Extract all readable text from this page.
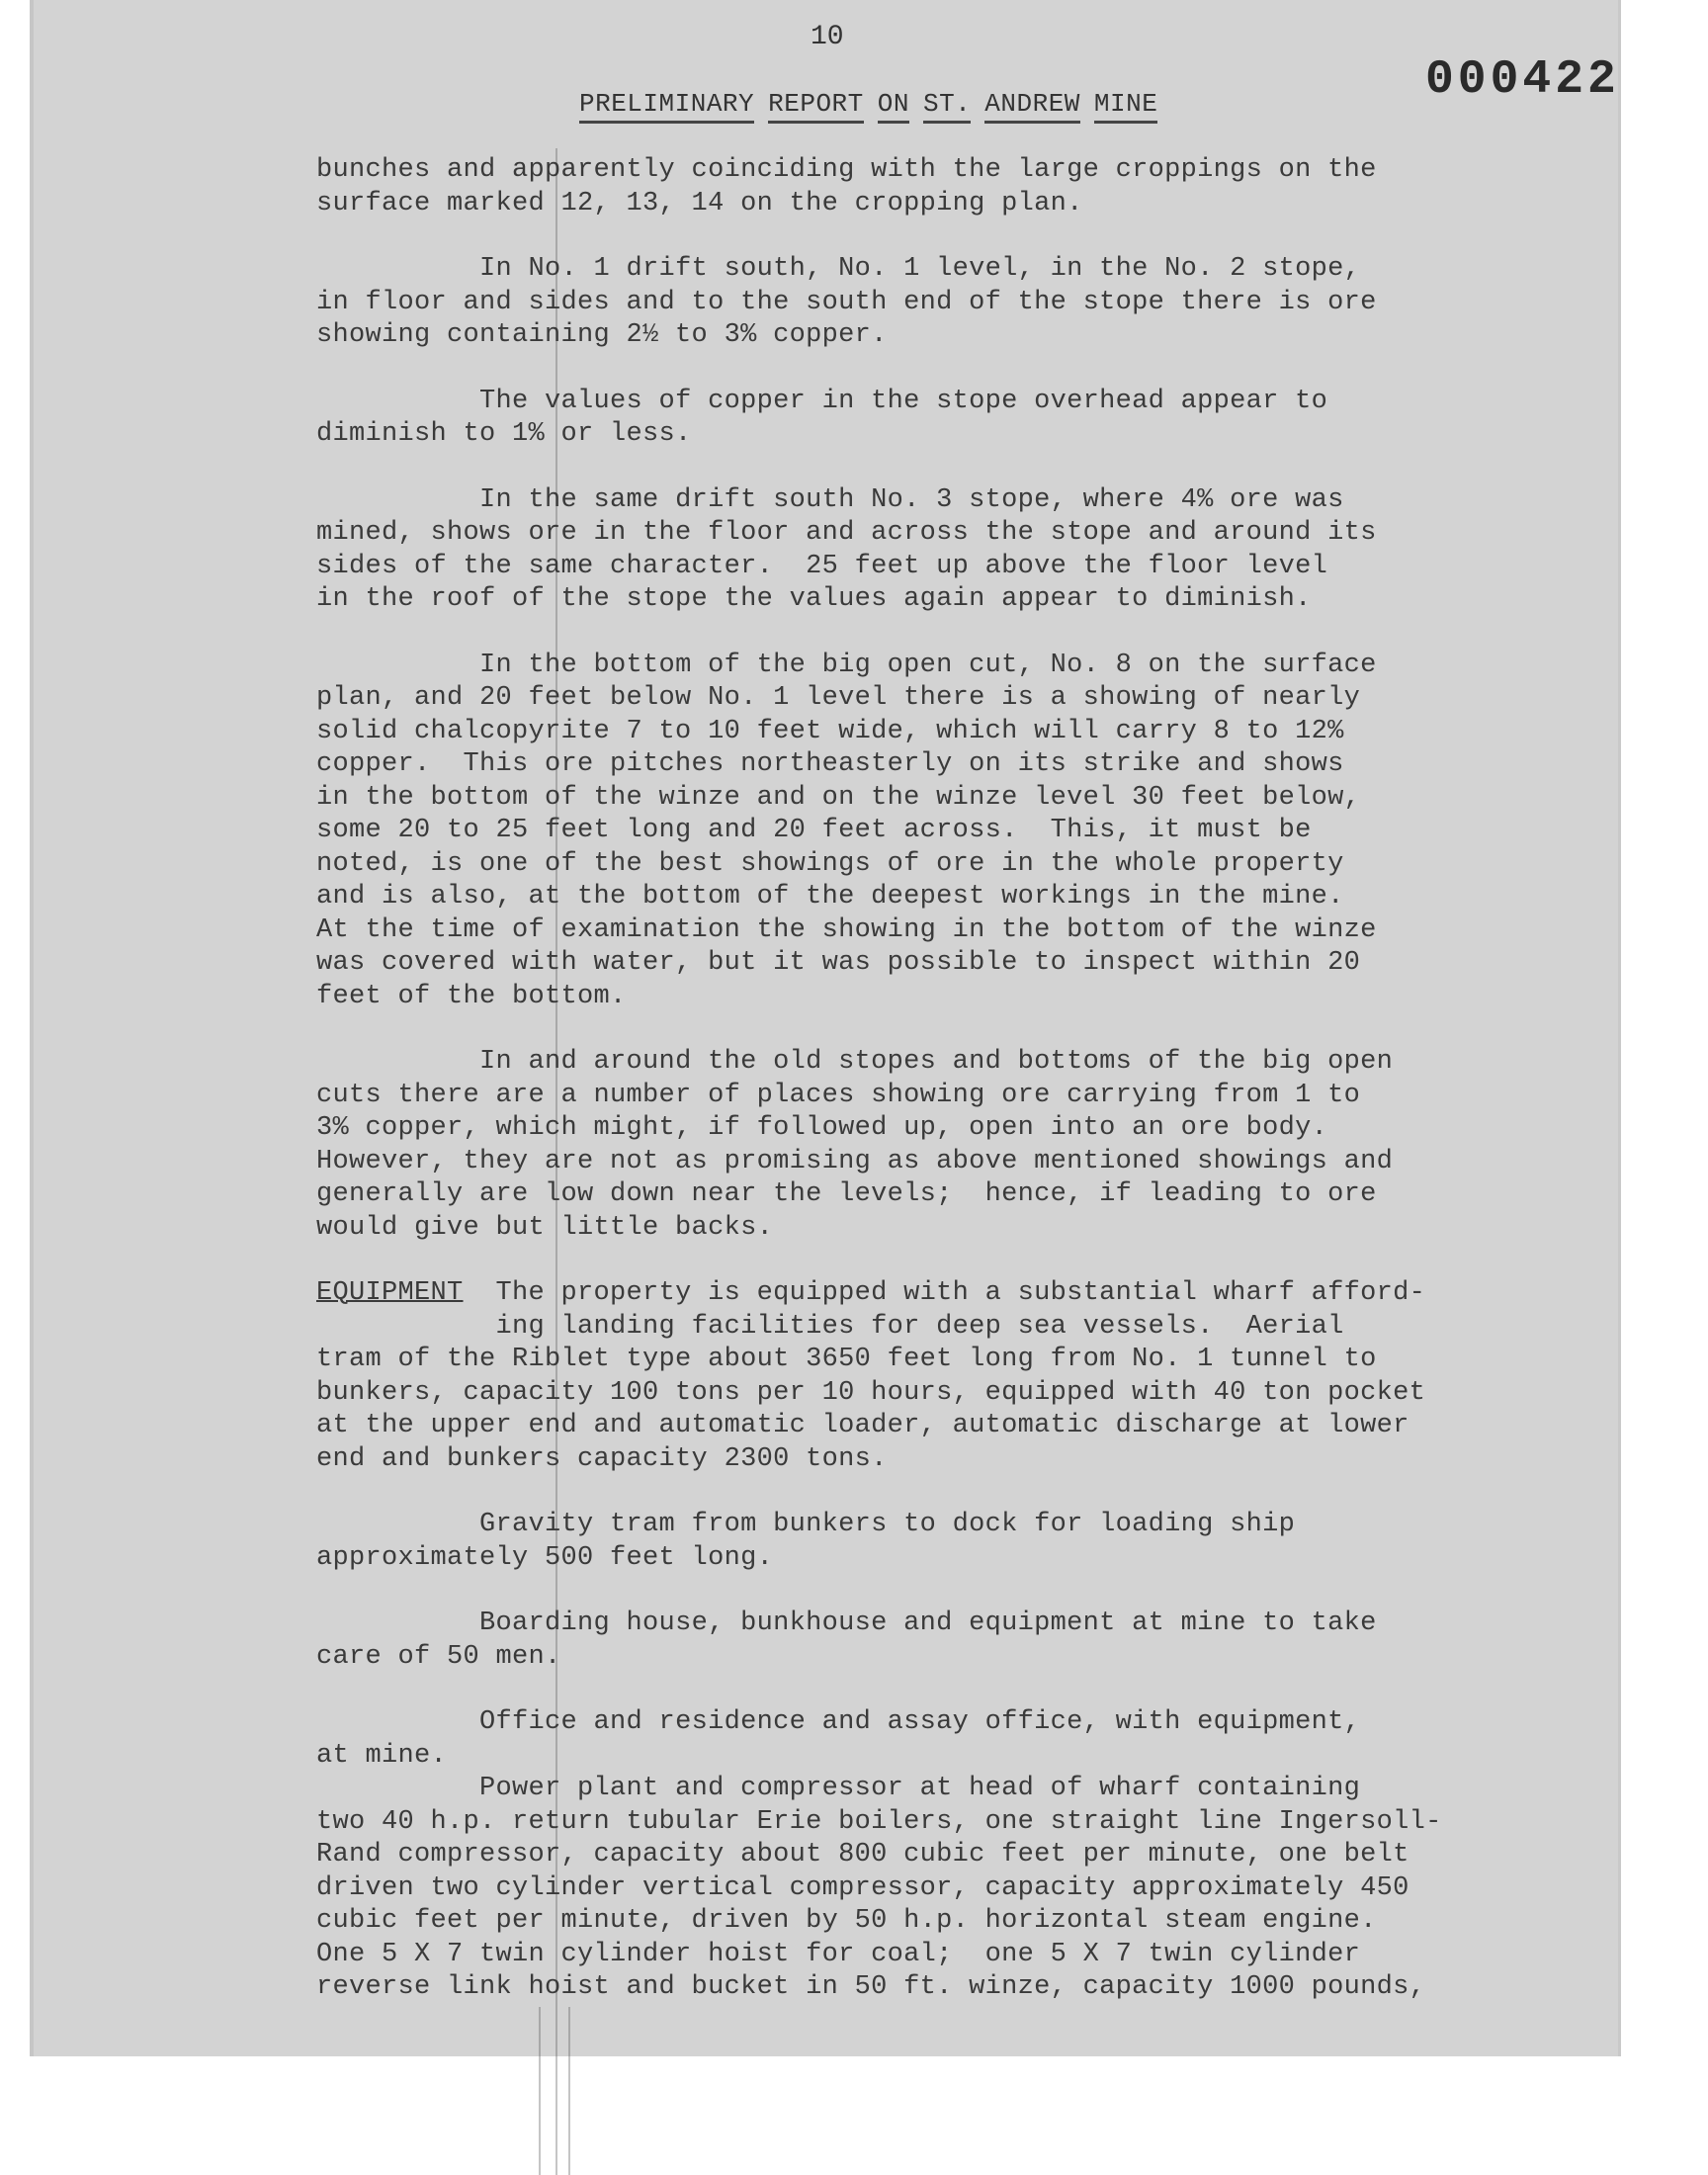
10
000422
PRELIMINARY REPORT ON ST. ANDREW MINE

bunches and apparently coinciding with the large croppings on the
surface marked 12, 13, 14 on the cropping plan.

In No. 1 drift south, No. 1 level, in the No. 2 stope,
in floor and sides and to the south end of the stope there is ore
showing containing 2½ to 3% copper.

The values of copper in the stope overhead appear to
diminish to 1% or less.

In the same drift south No. 3 stope, where 4% ore was
mined, shows ore in the floor and across the stope and around its
sides of the same character.  25 feet up above the floor level
in the roof of the stope the values again appear to diminish.

In the bottom of the big open cut, No. 8 on the surface
plan, and 20 feet below No. 1 level there is a showing of nearly
solid chalcopyrite 7 to 10 feet wide, which will carry 8 to 12%
copper.  This ore pitches northeasterly on its strike and shows
in the bottom of the winze and on the winze level 30 feet below,
some 20 to 25 feet long and 20 feet across.  This, it must be
noted, is one of the best showings of ore in the whole property
and is also, at the bottom of the deepest workings in the mine.
At the time of examination the showing in the bottom of the winze
was covered with water, but it was possible to inspect within 20
feet of the bottom.

In and around the old stopes and bottoms of the big open
cuts there are a number of places showing ore carrying from 1 to
3% copper, which might, if followed up, open into an ore body.
However, they are not as promising as above mentioned showings and
generally are low down near the levels;  hence, if leading to ore
would give but little backs.

EQUIPMENT  The property is equipped with a substantial wharf afford-
ing landing facilities for deep sea vessels.  Aerial
tram of the Riblet type about 3650 feet long from No. 1 tunnel to
bunkers, capacity 100 tons per 10 hours, equipped with 40 ton pocket
at the upper end and automatic loader, automatic discharge at lower
end and bunkers capacity 2300 tons.

Gravity tram from bunkers to dock for loading ship
approximately 500 feet long.

Boarding house, bunkhouse and equipment at mine to take
care of 50 men.

Office and residence and assay office, with equipment,
at mine.

Power plant and compressor at head of wharf containing
two 40 h.p. return tubular Erie boilers, one straight line Ingersoll-
Rand compressor, capacity about 800 cubic feet per minute, one belt
driven two cylinder vertical compressor, capacity approximately 450
cubic feet per minute, driven by 50 h.p. horizontal steam engine.
One 5 X 7 twin cylinder hoist for coal;  one 5 X 7 twin cylinder
reverse link hoist and bucket in 50 ft. winze, capacity 1000 pounds,
